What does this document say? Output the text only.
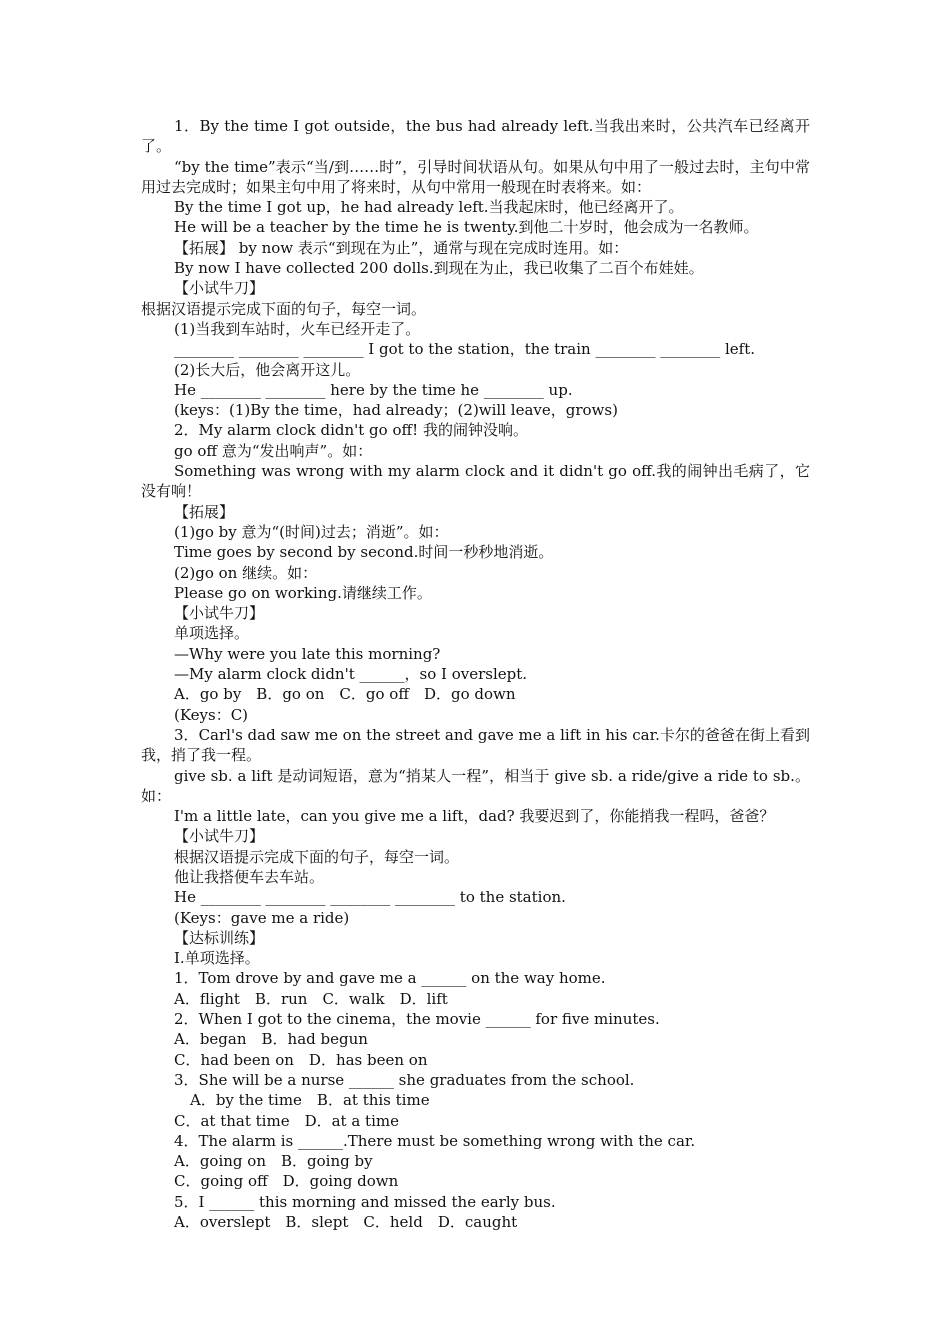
1．By the time I got outside，the bus had already left.当我出来时，公共汽车已经离开了。
“by the time”表示“当/到……时”，引导时间状语从句。如果从句中用了一般过去时，主句中常用过去完成时；如果主句中用了将来时，从句中常用一般现在时表将来。如：
By the time I got up，he had already left.当我起床时，他已经离开了。
He will be a teacher by the time he is twenty.到他二十岁时，他会成为一名教师。
【拓展】 by now 表示“到现在为止”，通常与现在完成时连用。如：
By now I have collected 200 dolls.到现在为止，我已收集了二百个布娃娃。
【小试牛刀】
根据汉语提示完成下面的句子，每空一词。
(1)当我到车站时，火车已经开走了。
________ ________ ________ I got to the station，the train ________ ________ left.
(2)长大后，他会离开这儿。
He ________ ________ here by the time he ________ up.
(keys：(1)By the time，had already；(2)will leave，grows)
2．My alarm clock didn't go off! 我的闹钟没响。
go off 意为“发出响声”。如：
Something was wrong with my alarm clock and it didn't go off.我的闹钟出毛病了，它没有响！
【拓展】
(1)go by 意为“(时间)过去；消逝”。如：
Time goes by second by second.时间一秒秒地消逝。
(2)go on 继续。如：
Please go on working.请继续工作。
【小试牛刀】
单项选择。
—Why were you late this morning?
—My alarm clock didn't ______，so I overslept.
A．go by　B．go on　C．go off　D．go down
(Keys：C)
3．Carl's dad saw me on the street and gave me a lift in his car.卡尔的爸爸在街上看到我，捎了我一程。
give sb. a lift 是动词短语，意为“捎某人一程”，相当于 give sb. a ride/give a ride to sb.。如：
I'm a little late，can you give me a lift，dad? 我要迟到了，你能捎我一程吗，爸爸？
【小试牛刀】
根据汉语提示完成下面的句子，每空一词。
他让我搭便车去车站。
He ________ ________ ________ ________ to the station.
(Keys：gave me a ride)
【达标训练】
Ⅰ.单项选择。
1．Tom drove by and gave me a ______ on the way home.
A．flight　B．run　C．walk　D．lift
2．When I got to the cinema，the movie ______ for five minutes.
A．began　B．had begun
C．had been on　D．has been on
3．She will be a nurse ______ she graduates from the school.
A．by the time　B．at this time
C．at that time　D．at a time
4．The alarm is ______.There must be something wrong with the car.
A．going on　B．going by
C．going off　D．going down
5．I ______ this morning and missed the early bus.
A．overslept　B．slept　C．held　D．caught
